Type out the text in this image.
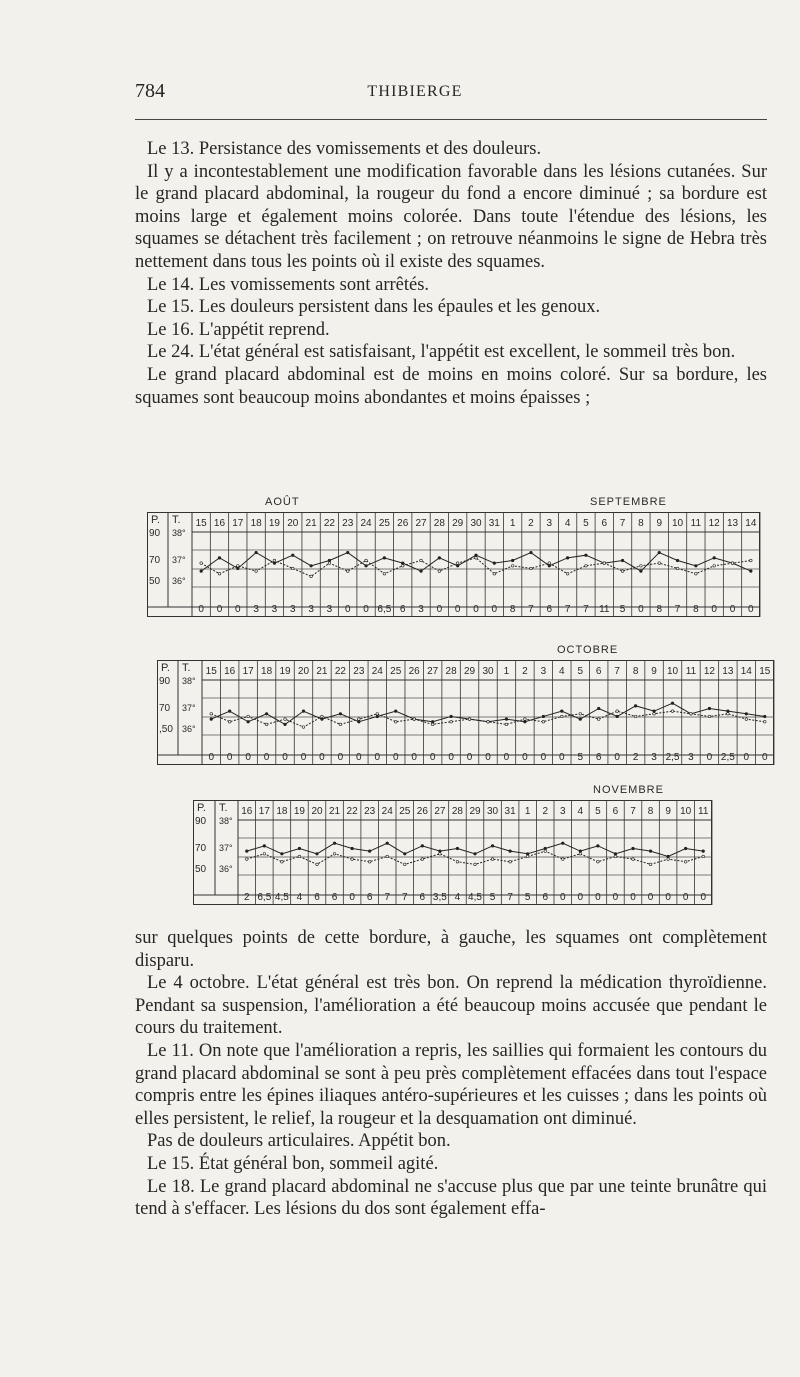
784	THIBIERGE

Le 13. Persistance des vomissements et des douleurs.

Il y a incontestablement une modification favorable dans les lésions cutanées. Sur le grand placard abdominal, la rougeur du fond a encore diminué ; sa bordure est moins large et également moins colorée. Dans toute l'étendue des lésions, les squames se détachent très facilement ; on retrouve néanmoins le signe de Hebra très nettement dans tous les points où il existe des squames.

Le 14. Les vomissements sont arrêtés.

Le 15. Les douleurs persistent dans les épaules et les genoux.

Le 16. L'appétit reprend.

Le 24. L'état général est satisfaisant, l'appétit est excellent, le sommeil très bon.

Le grand placard abdominal est de moins en moins coloré. Sur sa bordure, les squames sont beaucoup moins abondantes et moins épaisses ;

AOÛT	SEPTEMBRE
P. T.
90
70
50
38°
37°
36°
15 16 17 18 19 20 21 22 23 24 25 26 27 28 29 30 31 1 2 3 4 5 6 7 8 9 10 11 12 13 14
0 0 0 3 3 3 3 3 0 0 6,5 6 3 0 0 0 0 8 7 6 7 7 11 5 0 8 7 8 0 0 0
OCTOBRE
P. T.
90
70
,50
38°
37°
36°
15 16 17 18 19 20 21 22 23 24 25 26 27 28 29 30 1 2 3 4 5 6 7 8 9 10 11 12 13 14 15
0 0 0 0 0 0 0 0 0 0 0 0 0 0 0 0 0 0 0 0 5 6 0 2 3 2,5 3 0 2,5 0 0
NOVEMBRE
P. T.
90
70
50
38°
37°
36°
16 17 18 19 20 21 22 23 24 25 26 27 28 29 30 31 1 2 3 4 5 6 7 8 9 10 11
2 6,5 4,5 4 6 6 0 6 7 7 6 3,5 4 4,5 5 7 5 6 0 0 0 0 0 0 0 0 0

sur quelques points de cette bordure, à gauche, les squames ont complètement disparu.

Le 4 octobre. L'état général est très bon. On reprend la médication thyroïdienne. Pendant sa suspension, l'amélioration a été beaucoup moins accusée que pendant le cours du traitement.

Le 11. On note que l'amélioration a repris, les saillies qui formaient les contours du grand placard abdominal se sont à peu près complètement effacées dans tout l'espace compris entre les épines iliaques antéro-supérieures et les cuisses ; dans les points où elles persistent, le relief, la rougeur et la desquamation ont diminué.

Pas de douleurs articulaires. Appétit bon.

Le 15. État général bon, sommeil agité.

Le 18. Le grand placard abdominal ne s'accuse plus que par une teinte brunâtre qui tend à s'effacer. Les lésions du dos sont également effa-
